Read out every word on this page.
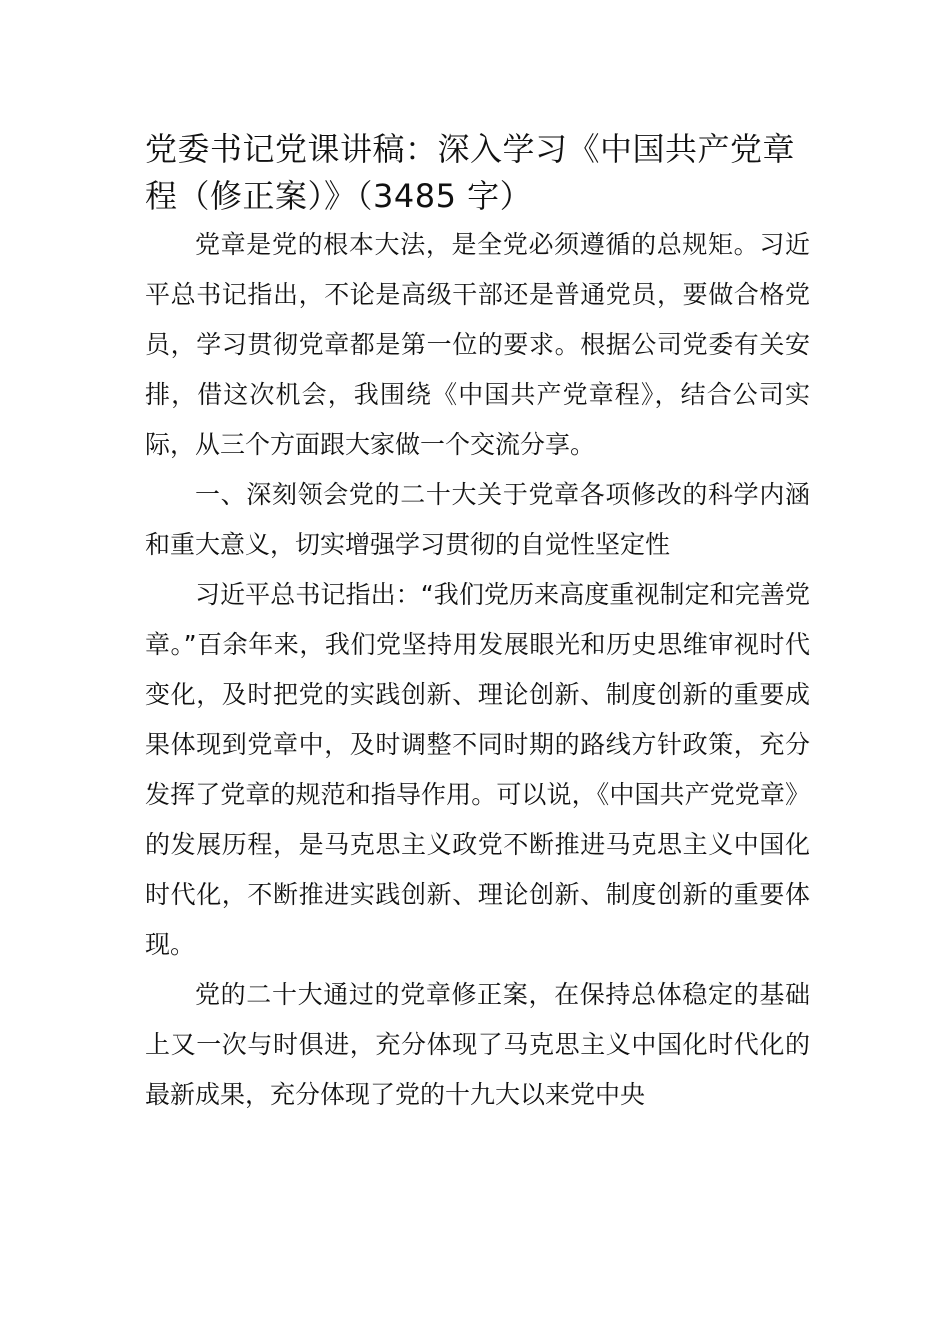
党委书记党课讲稿：深入学习《中国共产党章程（修正案）》（3485 字）

党章是党的根本大法，是全党必须遵循的总规矩。习近平总书记指出，不论是高级干部还是普通党员，要做合格党员，学习贯彻党章都是第一位的要求。根据公司党委有关安排，借这次机会，我围绕《中国共产党章程》，结合公司实际，从三个方面跟大家做一个交流分享。

一、深刻领会党的二十大关于党章各项修改的科学内涵和重大意义，切实增强学习贯彻的自觉性坚定性

习近平总书记指出：“我们党历来高度重视制定和完善党章。”百余年来，我们党坚持用发展眼光和历史思维审视时代变化，及时把党的实践创新、理论创新、制度创新的重要成果体现到党章中，及时调整不同时期的路线方针政策，充分发挥了党章的规范和指导作用。可以说，《中国共产党党章》的发展历程，是马克思主义政党不断推进马克思主义中国化时代化，不断推进实践创新、理论创新、制度创新的重要体现。

党的二十大通过的党章修正案，在保持总体稳定的基础上又一次与时俱进，充分体现了马克思主义中国化时代化的最新成果，充分体现了党的十九大以来党中央
